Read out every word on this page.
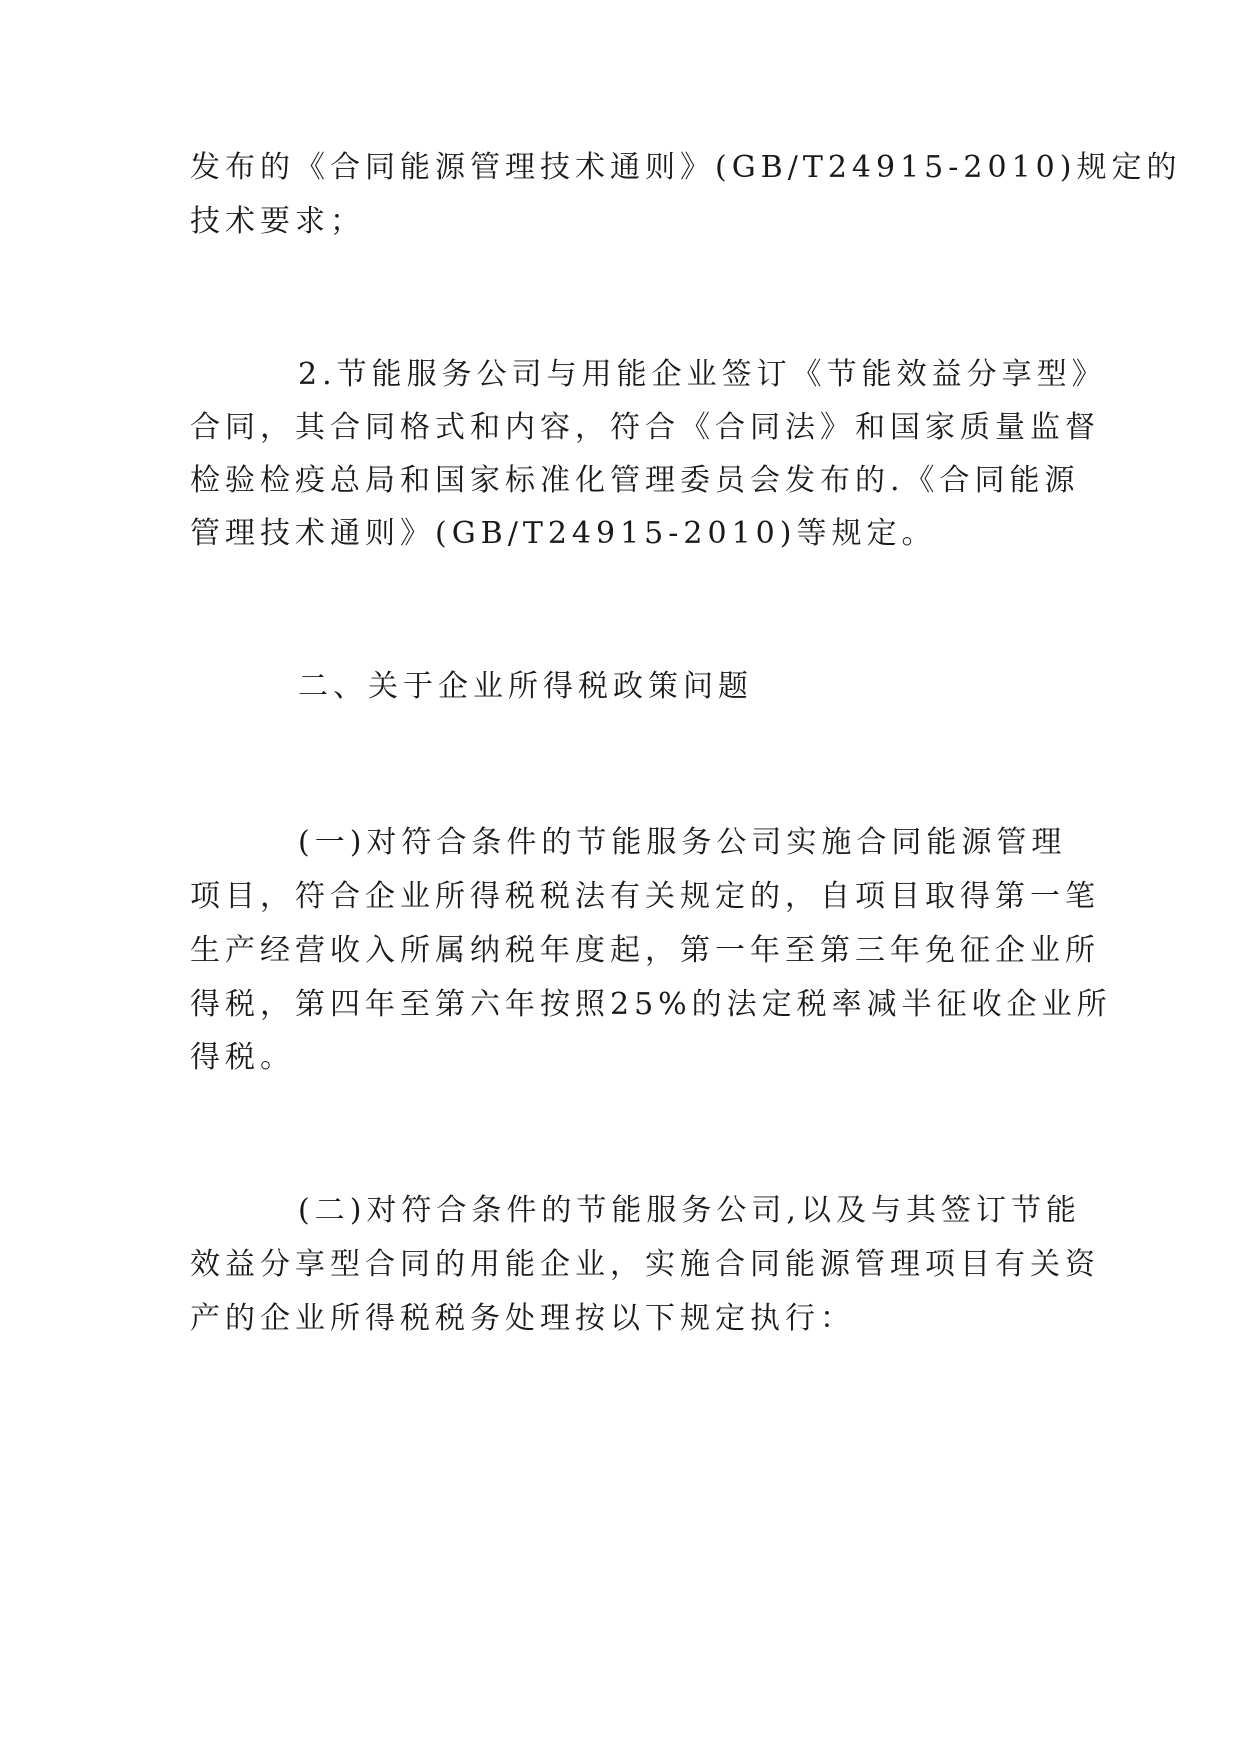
发布的《合同能源管理技术通则》(GB/T24915-2010)规定的
技术要求；
2.节能服务公司与用能企业签订《节能效益分享型》
合同，其合同格式和内容，符合《合同法》和国家质量监督
检验检疫总局和国家标准化管理委员会发布的.《合同能源
管理技术通则》(GB/T24915-2010)等规定。
二、关于企业所得税政策问题
(一)对符合条件的节能服务公司实施合同能源管理
项目，符合企业所得税税法有关规定的，自项目取得第一笔
生产经营收入所属纳税年度起，第一年至第三年免征企业所
得税，第四年至第六年按照25%的法定税率减半征收企业所
得税。
(二)对符合条件的节能服务公司,以及与其签订节能
效益分享型合同的用能企业，实施合同能源管理项目有关资
产的企业所得税税务处理按以下规定执行：
